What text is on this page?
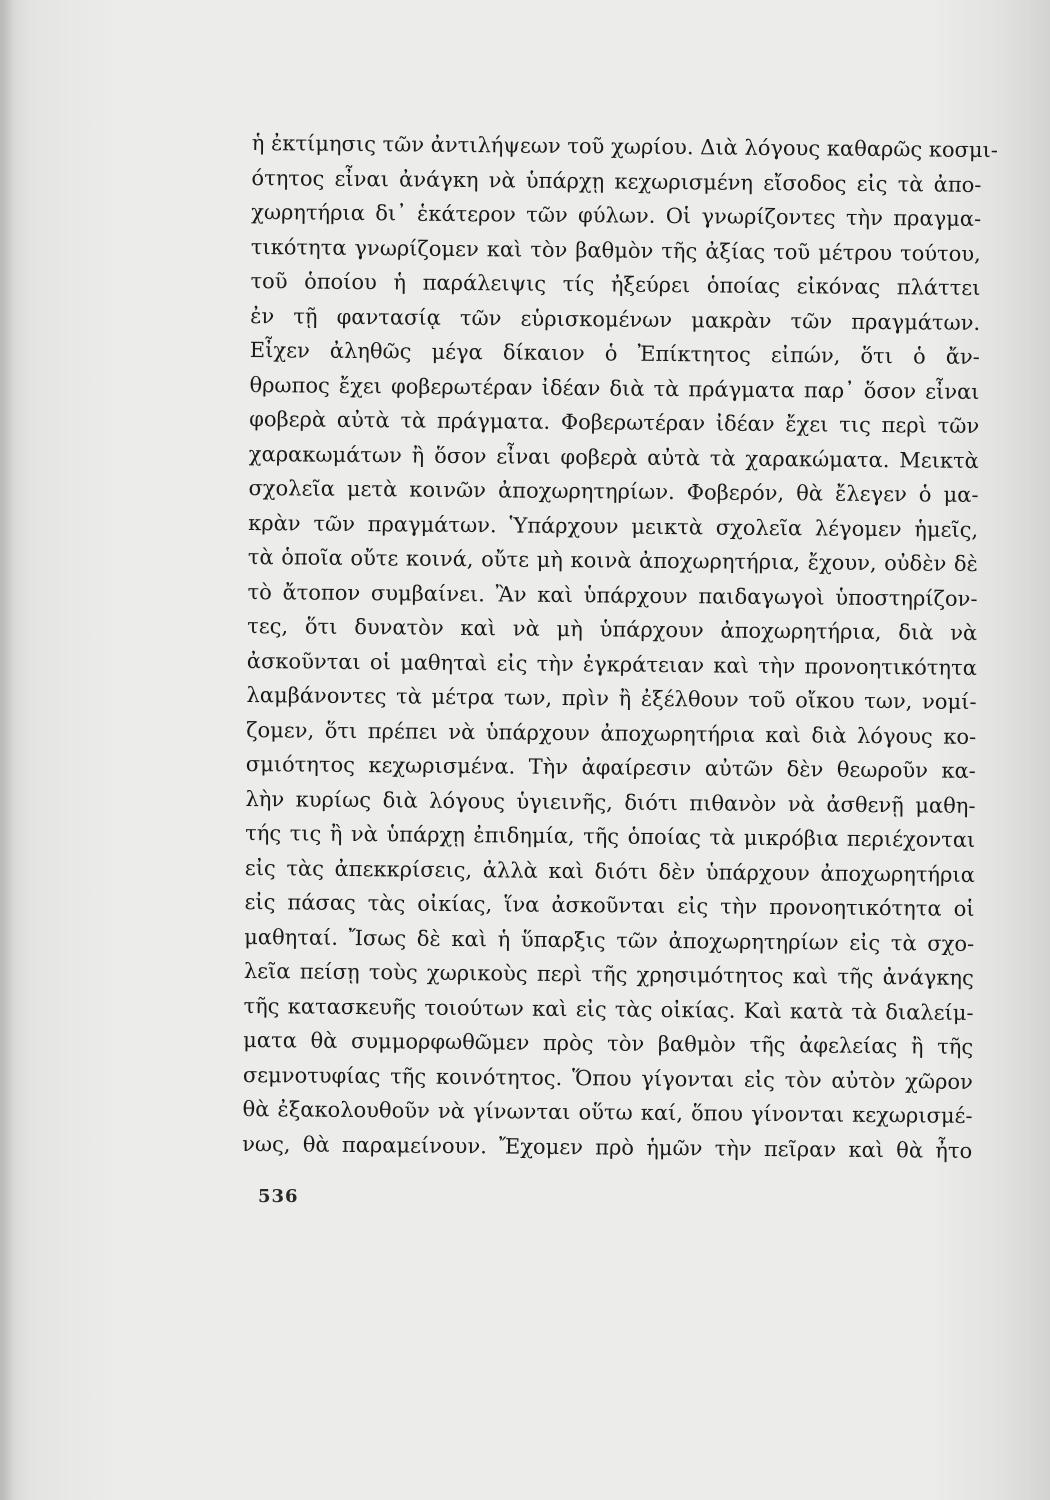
ἡ ἐκτίμησις τῶν ἀντιλήψεων τοῦ χωρίου. Διὰ λόγους καθαρῶς κοσμι-
ότητος εἶναι ἀνάγκη νὰ ὑπάρχῃ κεχωρισμένη εἴσοδος εἰς τὰ ἀπο-
χωρητήρια δι᾿ ἑκάτερον τῶν φύλων. Οἱ γνωρίζοντες τὴν πραγμα-
τικότητα γνωρίζομεν καὶ τὸν βαθμὸν τῆς ἀξίας τοῦ μέτρου τούτου,
τοῦ ὁποίου ἡ παράλειψις τίς ἠξεύρει ὁποίας εἰκόνας πλάττει
ἐν τῇ φαντασίᾳ τῶν εὑρισκομένων μακρὰν τῶν πραγμάτων.
Εἶχεν ἀληθῶς μέγα δίκαιον ὁ Ἐπίκτητος εἰπών, ὅτι ὁ ἄν-
θρωπος ἔχει φοβερωτέραν ἰδέαν διὰ τὰ πράγματα παρ᾿ ὅσον εἶναι
φοβερὰ αὐτὰ τὰ πράγματα. Φοβερωτέραν ἰδέαν ἔχει τις περὶ τῶν
χαρακωμάτων ἢ ὅσον εἶναι φοβερὰ αὐτὰ τὰ χαρακώματα. Μεικτὰ
σχολεῖα μετὰ κοινῶν ἀποχωρητηρίων. Φοβερόν, θὰ ἔλεγεν ὁ μα-
κρὰν τῶν πραγμάτων. Ὑπάρχουν μεικτὰ σχολεῖα λέγομεν ἡμεῖς,
τὰ ὁποῖα οὔτε κοινά, οὔτε μὴ κοινὰ ἀποχωρητήρια, ἔχουν, οὐδὲν δὲ
τὸ ἄτοπον συμβαίνει. Ἂν καὶ ὑπάρχουν παιδαγωγοὶ ὑποστηρίζον-
τες, ὅτι δυνατὸν καὶ νὰ μὴ ὑπάρχουν ἀποχωρητήρια, διὰ νὰ
ἀσκοῦνται οἱ μαθηταὶ εἰς τὴν ἐγκράτειαν καὶ τὴν προνοητικότητα
λαμβάνοντες τὰ μέτρα των, πρὶν ἢ ἐξέλθουν τοῦ οἴκου των, νομί-
ζομεν, ὅτι πρέπει νὰ ὑπάρχουν ἀποχωρητήρια καὶ διὰ λόγους κο-
σμιότητος κεχωρισμένα. Τὴν ἀφαίρεσιν αὐτῶν δὲν θεωροῦν κα-
λὴν κυρίως διὰ λόγους ὑγιεινῆς, διότι πιθανὸν νὰ ἀσθενῇ μαθη-
τής τις ἢ νὰ ὑπάρχῃ ἐπιδημία, τῆς ὁποίας τὰ μικρόβια περιέχονται
εἰς τὰς ἀπεκκρίσεις, ἀλλὰ καὶ διότι δὲν ὑπάρχουν ἀποχωρητήρια
εἰς πάσας τὰς οἰκίας, ἵνα ἀσκοῦνται εἰς τὴν προνοητικότητα οἱ
μαθηταί. Ἴσως δὲ καὶ ἡ ὕπαρξις τῶν ἀποχωρητηρίων εἰς τὰ σχο-
λεῖα πείσῃ τοὺς χωρικοὺς περὶ τῆς χρησιμότητος καὶ τῆς ἀνάγκης
τῆς κατασκευῆς τοιούτων καὶ εἰς τὰς οἰκίας. Καὶ κατὰ τὰ διαλείμ-
ματα θὰ συμμορφωθῶμεν πρὸς τὸν βαθμὸν τῆς ἀφελείας ἢ τῆς
σεμνοτυφίας τῆς κοινότητος. Ὅπου γίγονται εἰς τὸν αὐτὸν χῶρον
θὰ ἐξακολουθοῦν νὰ γίνωνται οὕτω καί, ὅπου γίνονται κεχωρισμέ-
νως, θὰ παραμείνουν. Ἔχομεν πρὸ ἡμῶν τὴν πεῖραν καὶ θὰ ἦτο
536
